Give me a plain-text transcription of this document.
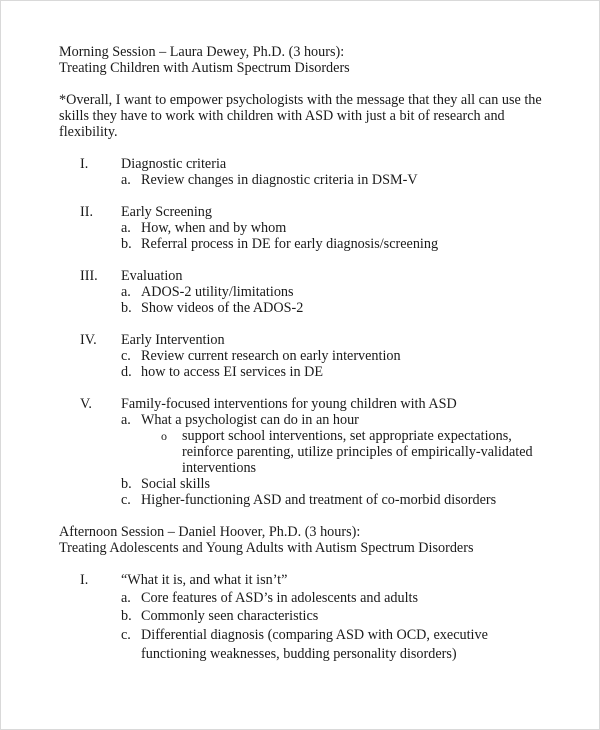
Morning Session – Laura Dewey, Ph.D. (3 hours):
Treating Children with Autism Spectrum Disorders
*Overall, I want to empower psychologists with the message that they all can use the
skills they have to work with children with ASD with just a bit of research and
flexibility.
I. Diagnostic criteria
a. Review changes in diagnostic criteria in DSM-V
II. Early Screening
a. How, when and by whom
b. Referral process in DE for early diagnosis/screening
III. Evaluation
a. ADOS-2 utility/limitations
b. Show videos of the ADOS-2
IV. Early Intervention
c. Review current research on early intervention
d. how to access EI services in DE
V. Family-focused interventions for young children with ASD
a. What a psychologist can do in an hour
o support school interventions, set appropriate expectations,
reinforce parenting, utilize principles of empirically-validated
interventions
b. Social skills
c. Higher-functioning ASD and treatment of co-morbid disorders
Afternoon Session – Daniel Hoover, Ph.D. (3 hours):
Treating Adolescents and Young Adults with Autism Spectrum Disorders
I. “What it is, and what it isn’t”
a. Core features of ASD’s in adolescents and adults
b. Commonly seen characteristics
c. Differential diagnosis (comparing ASD with OCD, executive
functioning weaknesses, budding personality disorders)
